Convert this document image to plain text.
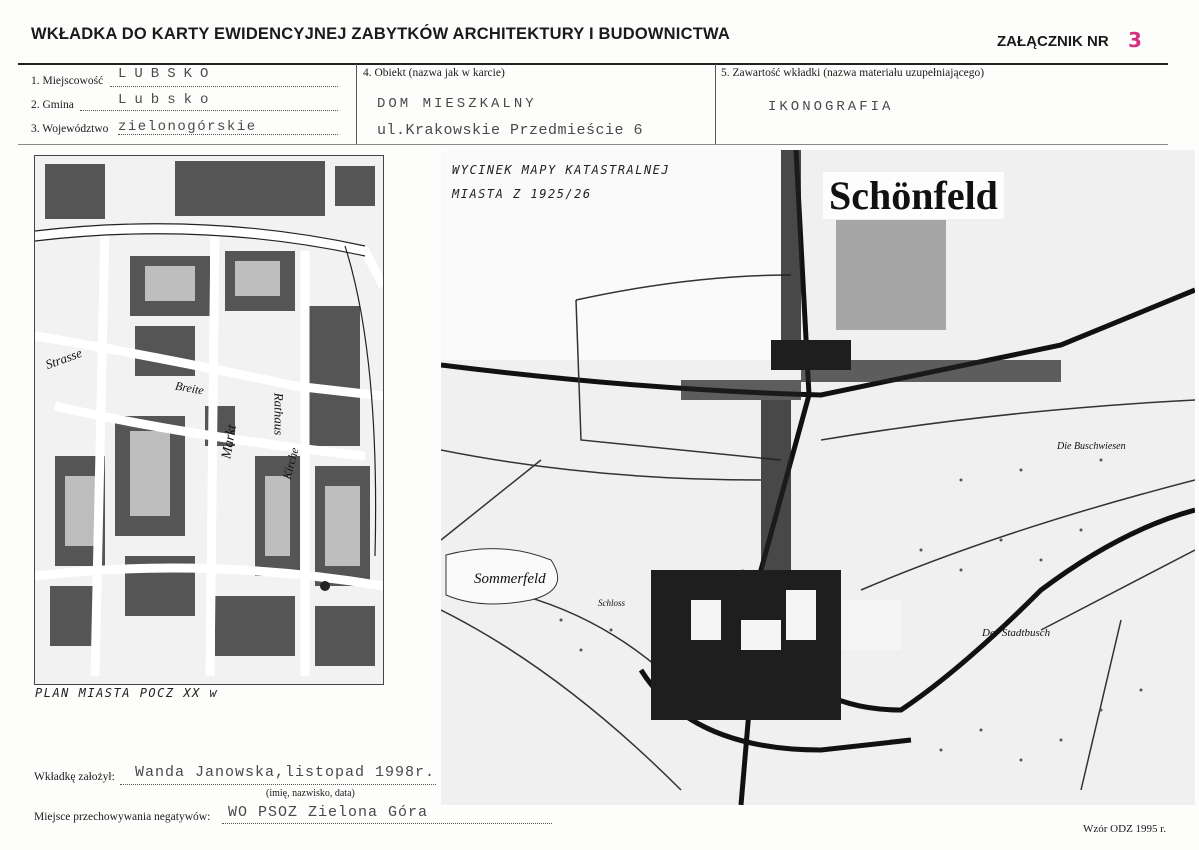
WKŁADKA DO KARTY EWIDENCYJNEJ ZABYTKÓW ARCHITEKTURY I BUDOWNICTWA	ZAŁĄCZNIK NR 3
1. Miejscowość LUBSKO
2. Gmina	Lubsko
3. Województwo zielonogórskie
4. Obiekt (nazwa jak w karcie)
DOM MIESZKALNY
ul.Krakowskie Przedmieście 6
5. Zawartość wkładki (nazwa materiału uzupełniającego)
IKONOGRAFIA
Rathaus
Markt
Kirche
Strasse
Breite
PLAN MIASTA POCZ XX w
WYCINEK MAPY KATASTRALNEJ
MIASTA Z 1925/26	Schönfeld
Sommerfeld
Der Stadtbusch
Die Buschwiesen
Schloss
Wkładkę założył: Wanda Janowska,listopad 1998r.
(imię, nazwisko, data)
Miejsce przechowywania negatywów: WO PSOZ Zielona Góra
Wzór ODZ 1995 r.
